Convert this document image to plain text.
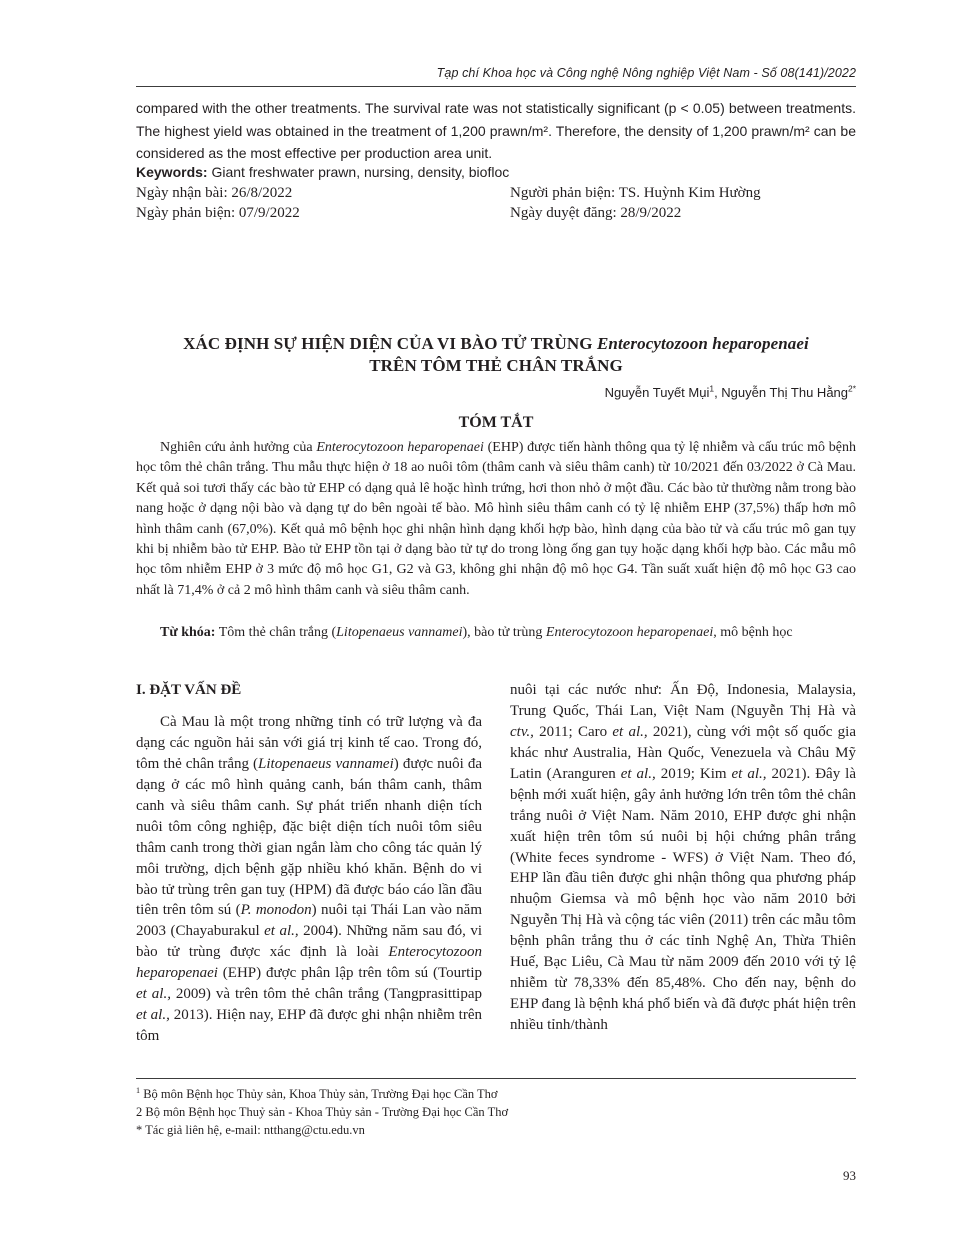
Tạp chí Khoa học và Công nghệ Nông nghiệp Việt Nam - Số 08(141)/2022
compared with the other treatments. The survival rate was not statistically significant (p < 0.05) between treatments. The highest yield was obtained in the treatment of 1,200 prawn/m². Therefore, the density of 1,200 prawn/m² can be considered as the most effective per production area unit.
Keywords: Giant freshwater prawn, nursing, density, biofloc
Ngày nhận bài: 26/8/2022	Người phản biện: TS. Huỳnh Kim Hường
Ngày phản biện: 07/9/2022	Ngày duyệt đăng: 28/9/2022
XÁC ĐỊNH SỰ HIỆN DIỆN CỦA VI BÀO TỬ TRÙNG Enterocytozoon heparopenaei
TRÊN TÔM THẺ CHÂN TRẮNG
Nguyễn Tuyết Mụi$^1$, Nguyễn Thị Thu Hằng$^{2*}$
TÓM TẮT
Nghiên cứu ảnh hưởng của Enterocytozoon heparopenaei (EHP) được tiến hành thông qua tỷ lệ nhiễm và cấu trúc mô bệnh học tôm thẻ chân trắng. Thu mẫu thực hiện ở 18 ao nuôi tôm (thâm canh và siêu thâm canh) từ 10/2021 đến 03/2022 ở Cà Mau. Kết quả soi tươi thấy các bào tử EHP có dạng quả lê hoặc hình trứng, hơi thon nhỏ ở một đầu. Các bào tử thường nằm trong bào nang hoặc ở dạng nội bào và dạng tự do bên ngoài tế bào. Mô hình siêu thâm canh có tỷ lệ nhiễm EHP (37,5%) thấp hơn mô hình thâm canh (67,0%). Kết quả mô bệnh học ghi nhận hình dạng khối hợp bào, hình dạng của bào tử và cấu trúc mô gan tụy khi bị nhiễm bào tử EHP. Bào tử EHP tồn tại ở dạng bào tử tự do trong lòng ống gan tụy hoặc dạng khối hợp bào. Các mẫu mô học tôm nhiễm EHP ở 3 mức độ mô học G1, G2 và G3, không ghi nhận độ mô học G4. Tần suất xuất hiện độ mô học G3 cao nhất là 71,4% ở cả 2 mô hình thâm canh và siêu thâm canh.
Từ khóa: Tôm thẻ chân trắng (Litopenaeus vannamei), bào tử trùng Enterocytozoon heparopenaei, mô bệnh học
I. ĐẶT VẤN ĐỀ
Cà Mau là một trong những tỉnh có trữ lượng và đa dạng các nguồn hải sản với giá trị kinh tế cao. Trong đó, tôm thẻ chân trắng (Litopenaeus vannamei) được nuôi đa dạng ở các mô hình quảng canh, bán thâm canh, thâm canh và siêu thâm canh. Sự phát triển nhanh diện tích nuôi tôm công nghiệp, đặc biệt diện tích nuôi tôm siêu thâm canh trong thời gian ngắn làm cho công tác quản lý môi trường, dịch bệnh gặp nhiều khó khăn. Bệnh do vi bào tử trùng trên gan tuỵ (HPM) đã được báo cáo lần đầu tiên trên tôm sú (P. monodon) nuôi tại Thái Lan vào năm 2003 (Chayaburakul et al., 2004). Những năm sau đó, vi bào tử trùng được xác định là loài Enterocytozoon heparopenaei (EHP) được phân lập trên tôm sú (Tourtip et al., 2009) và trên tôm thẻ chân trắng (Tangprasittipap et al., 2013). Hiện nay, EHP đã được ghi nhận nhiễm trên tôm
nuôi tại các nước như: Ấn Độ, Indonesia, Malaysia, Trung Quốc, Thái Lan, Việt Nam (Nguyễn Thị Hà và ctv., 2011; Caro et al., 2021), cùng với một số quốc gia khác như Australia, Hàn Quốc, Venezuela và Châu Mỹ Latin (Aranguren et al., 2019; Kim et al., 2021). Đây là bệnh mới xuất hiện, gây ảnh hưởng lớn trên tôm thẻ chân trắng nuôi ở Việt Nam. Năm 2010, EHP được ghi nhận xuất hiện trên tôm sú nuôi bị hội chứng phân trắng (White feces syndrome - WFS) ở Việt Nam. Theo đó, EHP lần đầu tiên được ghi nhận thông qua phương pháp nhuộm Giemsa và mô bệnh học vào năm 2010 bởi Nguyễn Thị Hà và cộng tác viên (2011) trên các mẫu tôm bệnh phân trắng thu ở các tỉnh Nghệ An, Thừa Thiên Huế, Bạc Liêu, Cà Mau từ năm 2009 đến 2010 với tỷ lệ nhiễm từ 78,33% đến 85,48%. Cho đến nay, bệnh do EHP đang là bệnh khá phổ biến và đã được phát hiện trên nhiều tỉnh/thành
$^1$ Bộ môn Bệnh học Thủy sản, Khoa Thủy sản, Trường Đại học Cần Thơ
2 Bộ môn Bệnh học Thuỷ sản - Khoa Thủy sản - Trường Đại học Cần Thơ
* Tác giả liên hệ, e-mail: ntthang@ctu.edu.vn
93
